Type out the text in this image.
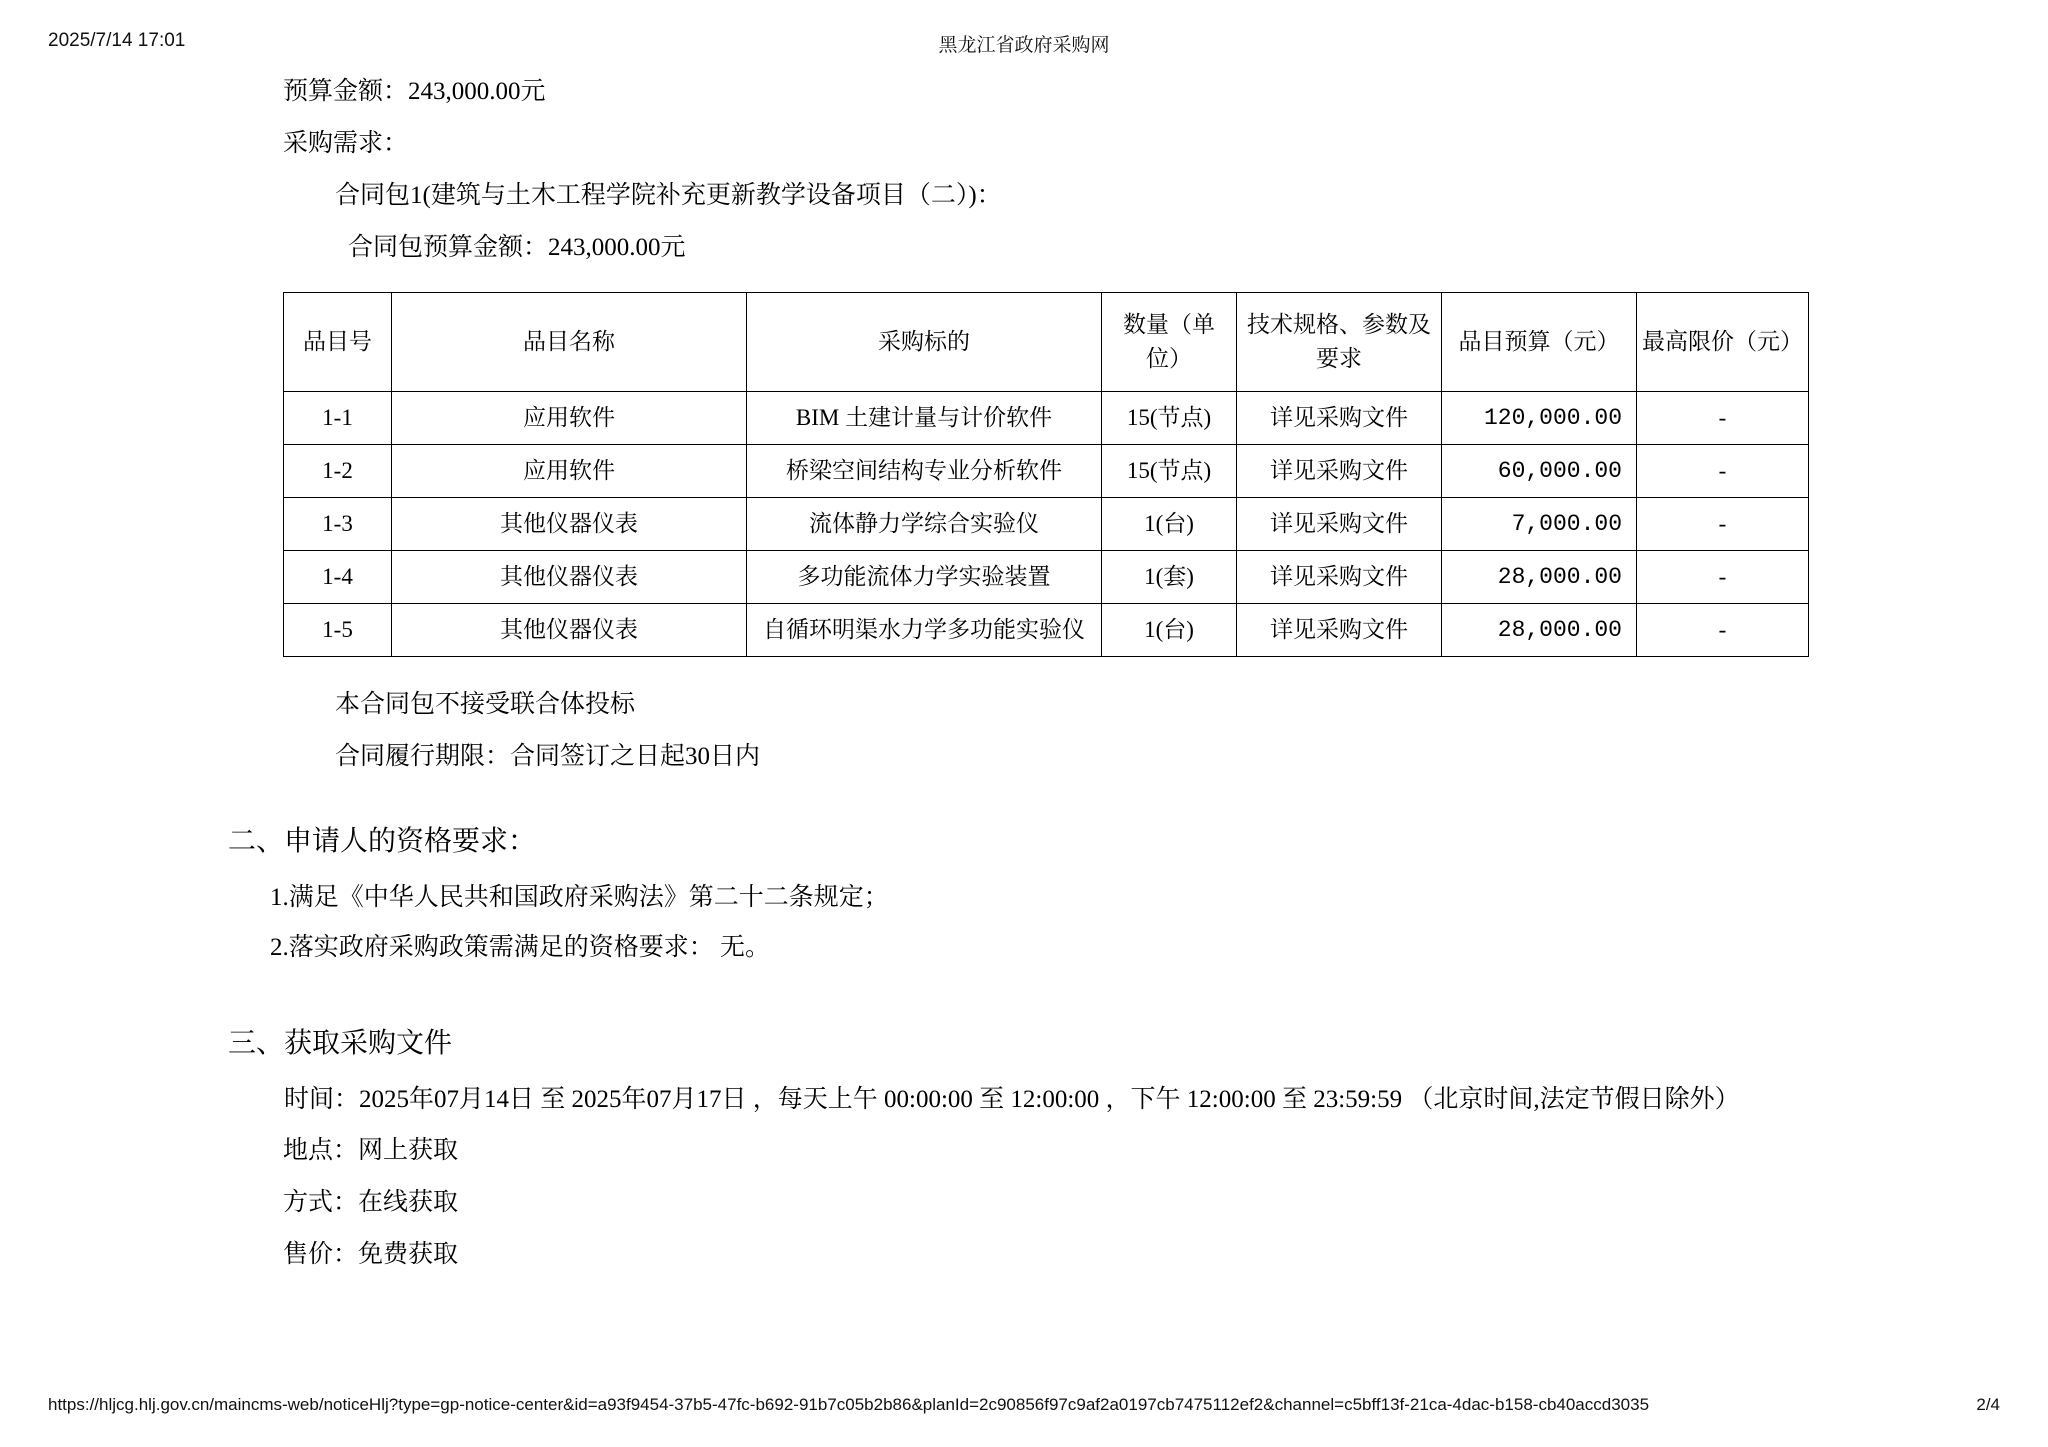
2025/7/14 17:01	黑龙江省政府采购网
预算金额：243,000.00元
采购需求：
合同包1(建筑与土木工程学院补充更新教学设备项目（二）)：
合同包预算金额：243,000.00元
品目号	品目名称	采购标的	数量（单位）	技术规格、参数及要求	品目预算（元）	最高限价（元）
1-1	应用软件	BIM 土建计量与计价软件	15(节点)	详见采购文件	120,000.00	-
1-2	应用软件	桥梁空间结构专业分析软件	15(节点)	详见采购文件	60,000.00	-
1-3	其他仪器仪表	流体静力学综合实验仪	1(台)	详见采购文件	7,000.00	-
1-4	其他仪器仪表	多功能流体力学实验装置	1(套)	详见采购文件	28,000.00	-
1-5	其他仪器仪表	自循环明渠水力学多功能实验仪	1(台)	详见采购文件	28,000.00	-
本合同包不接受联合体投标
合同履行期限：合同签订之日起30日内
二、申请人的资格要求：
1.满足《中华人民共和国政府采购法》第二十二条规定；
2.落实政府采购政策需满足的资格要求： 无。
三、获取采购文件
时间：2025年07月14日 至 2025年07月17日 ，每天上午 00:00:00 至 12:00:00 ，下午 12:00:00 至 23:59:59 （北京时间,法定节假日除外）
地点：网上获取
方式：在线获取
售价：免费获取
https://hljcg.hlj.gov.cn/maincms-web/noticeHlj?type=gp-notice-center&id=a93f9454-37b5-47fc-b692-91b7c05b2b86&planId=2c90856f97c9af2a0197cb7475112ef2&channel=c5bff13f-21ca-4dac-b158-cb40accd3035	2/4
